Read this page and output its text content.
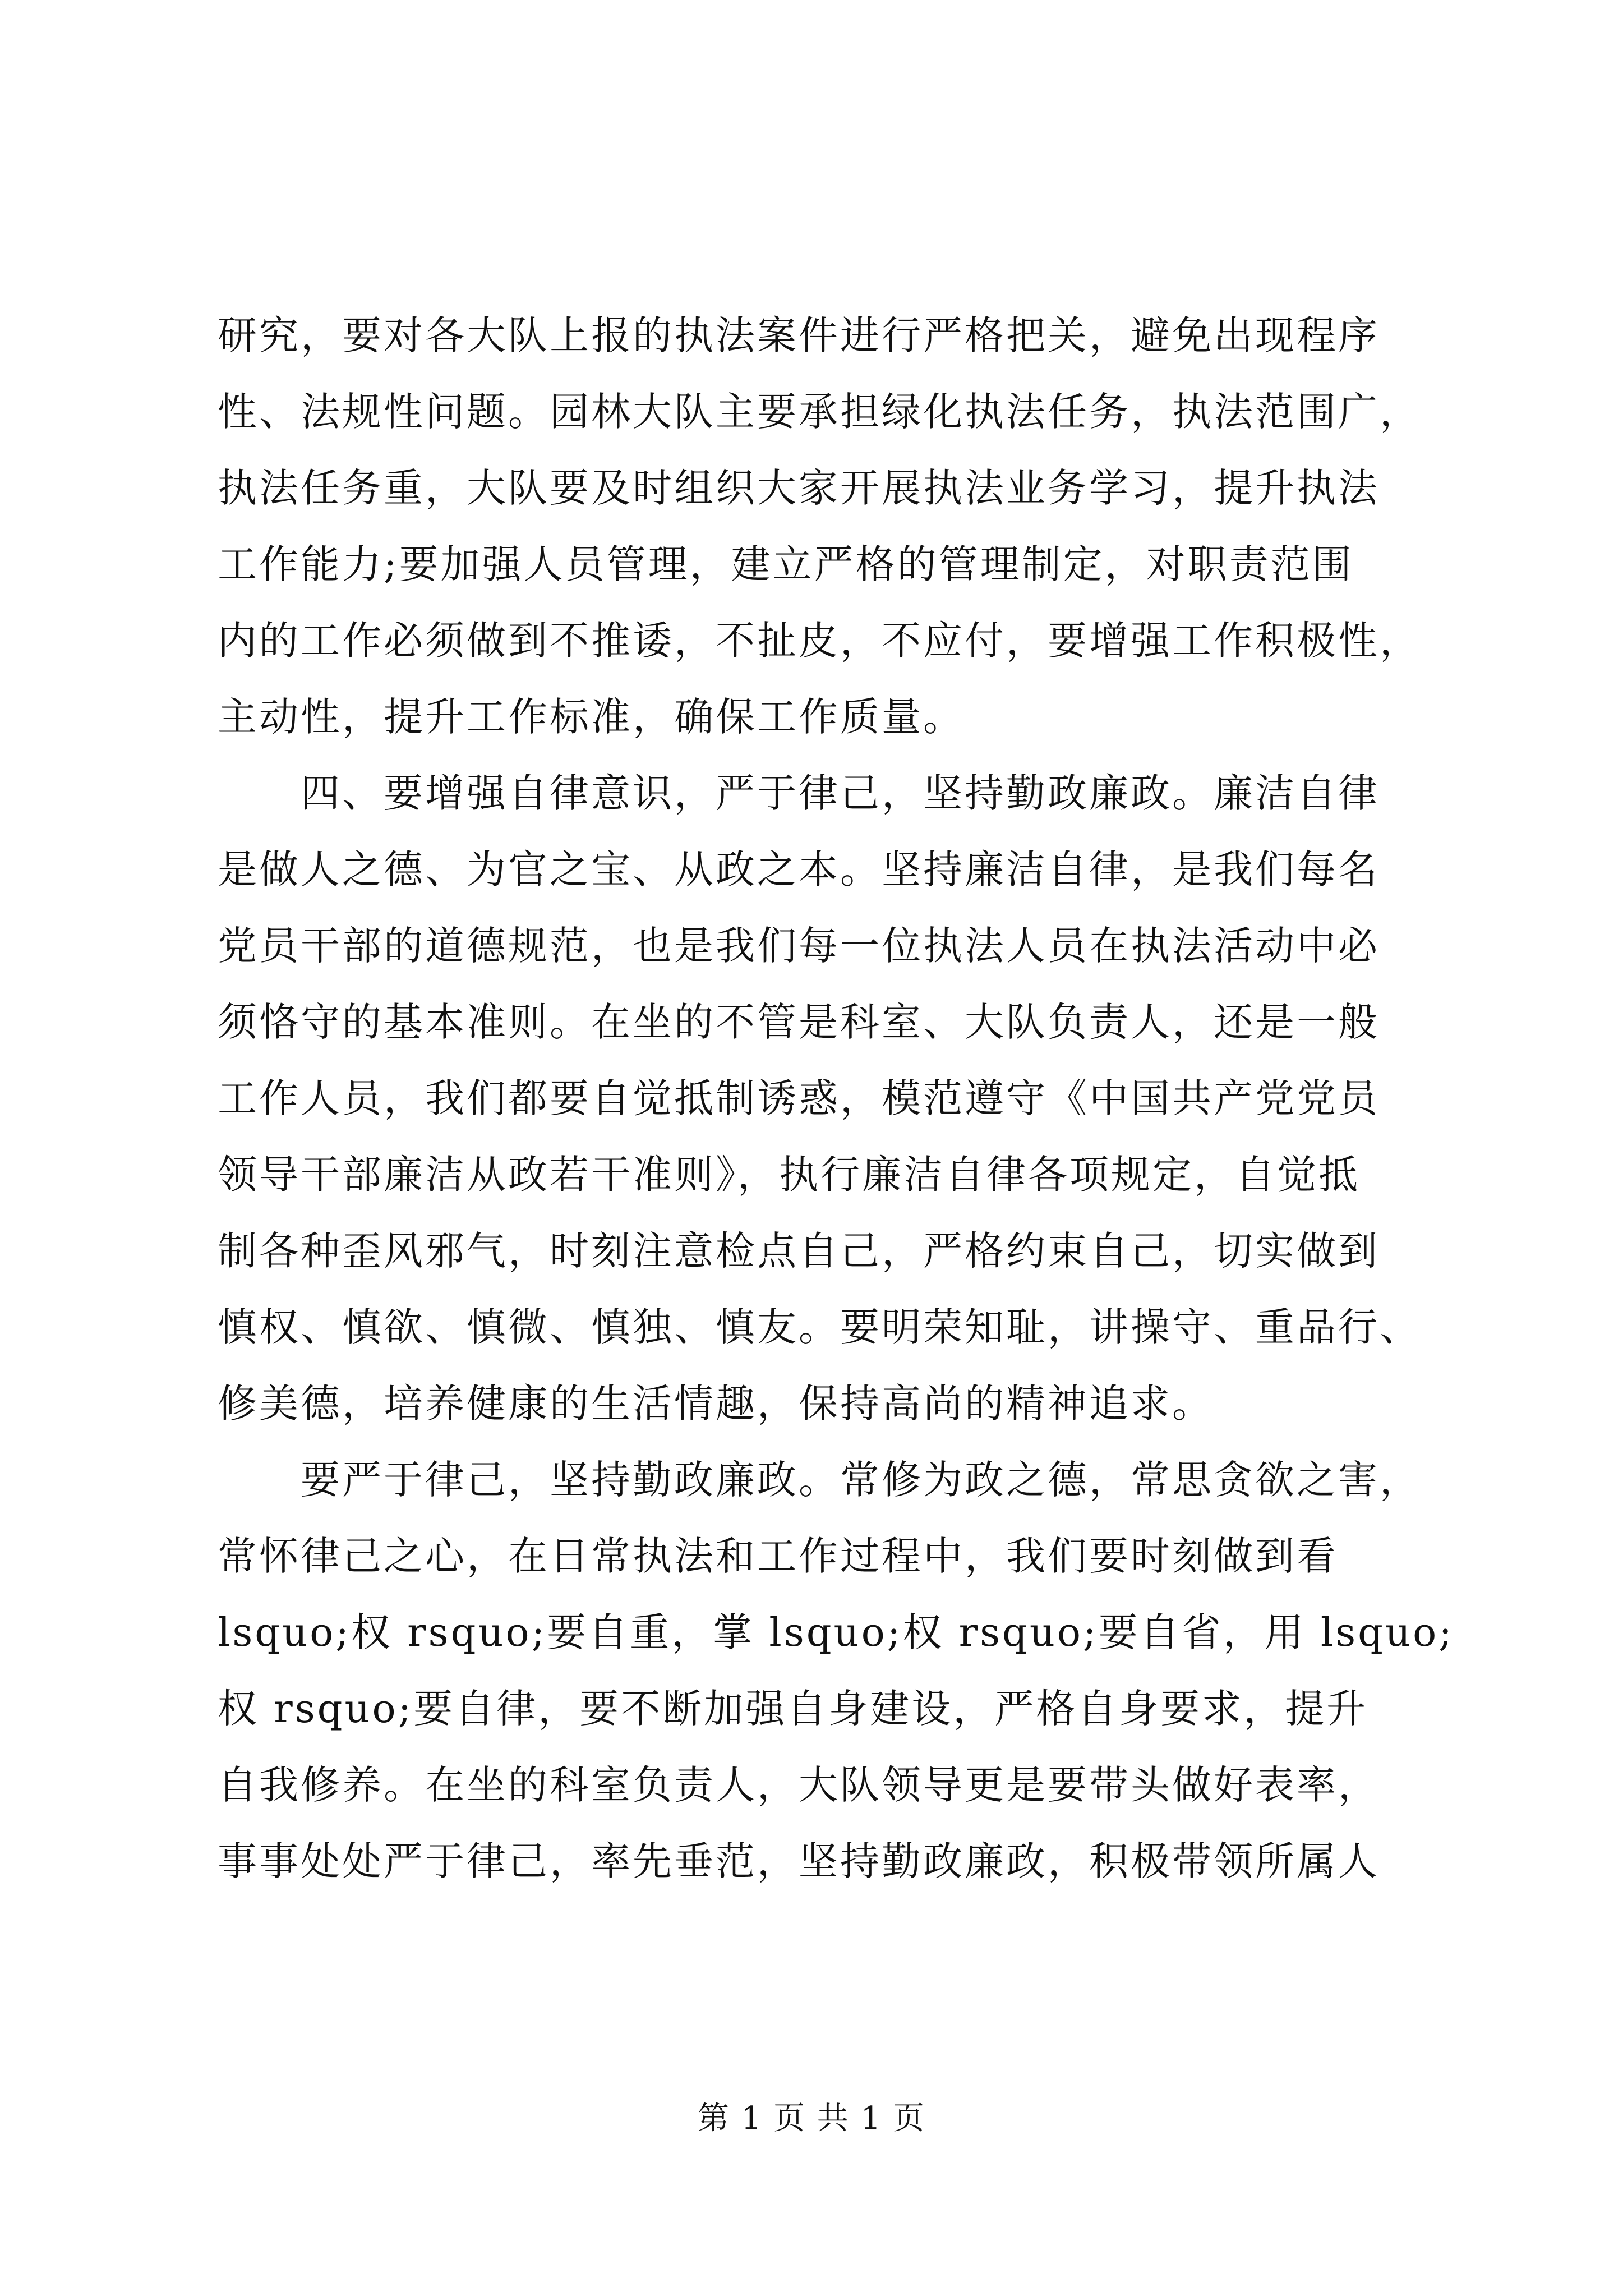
研究，要对各大队上报的执法案件进行严格把关，避免出现程序
性、法规性问题。园林大队主要承担绿化执法任务，执法范围广，
执法任务重，大队要及时组织大家开展执法业务学习，提升执法
工作能力;要加强人员管理，建立严格的管理制定，对职责范围
内的工作必须做到不推诿，不扯皮，不应付，要增强工作积极性，
主动性，提升工作标准，确保工作质量。
　　四、要增强自律意识，严于律己，坚持勤政廉政。廉洁自律
是做人之德、为官之宝、从政之本。坚持廉洁自律，是我们每名
党员干部的道德规范，也是我们每一位执法人员在执法活动中必
须恪守的基本准则。在坐的不管是科室、大队负责人，还是一般
工作人员，我们都要自觉抵制诱惑，模范遵守《中国共产党党员
领导干部廉洁从政若干准则》，执行廉洁自律各项规定，自觉抵
制各种歪风邪气，时刻注意检点自己，严格约束自己，切实做到
慎权、慎欲、慎微、慎独、慎友。要明荣知耻，讲操守、重品行、
修美德，培养健康的生活情趣，保持高尚的精神追求。
　　要严于律己，坚持勤政廉政。常修为政之德，常思贪欲之害，
常怀律己之心，在日常执法和工作过程中，我们要时刻做到看
lsquo;权 rsquo;要自重，掌 lsquo;权 rsquo;要自省，用 lsquo;
权 rsquo;要自律，要不断加强自身建设，严格自身要求，提升
自我修养。在坐的科室负责人，大队领导更是要带头做好表率，
事事处处严于律己，率先垂范，坚持勤政廉政，积极带领所属人
第 1 页 共 1 页
